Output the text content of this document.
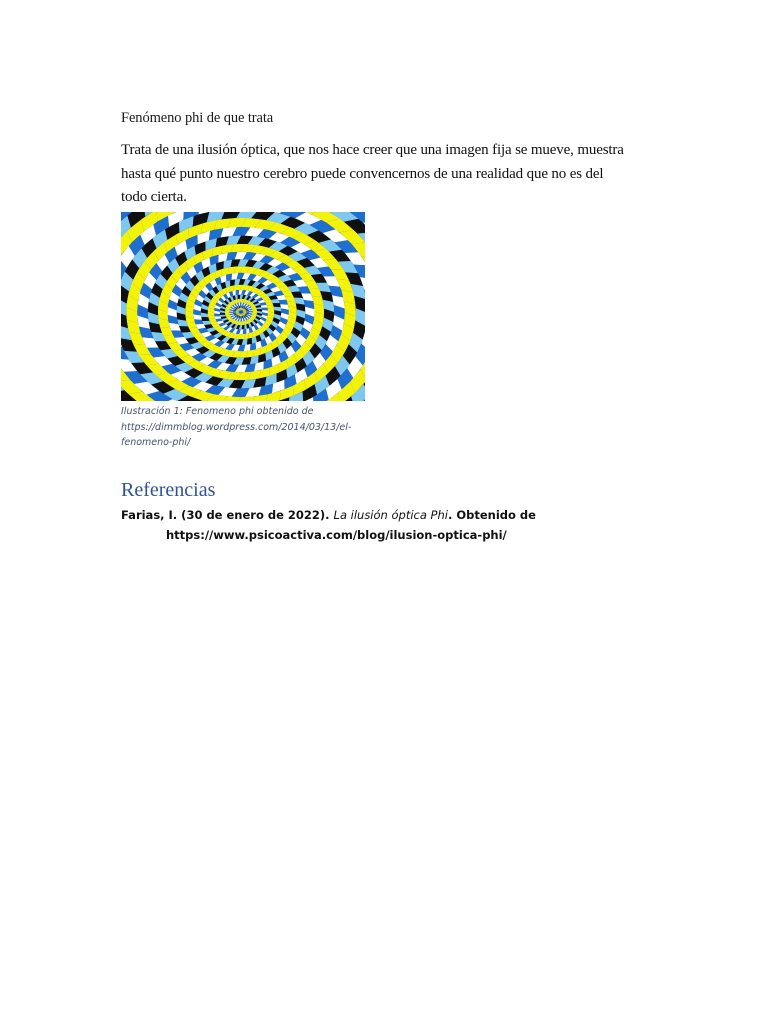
Fenómeno phi de que trata
Trata de una ilusión óptica, que nos hace creer que una imagen fija se mueve, muestra hasta qué punto nuestro cerebro puede convencernos de una realidad que no es del todo cierta.
Ilustración 1: Fenomeno phi obtenido de https://dimmblog.wordpress.com/2014/03/13/el-fenomeno-phi/
Referencias
Farias, I. (30 de enero de 2022). La ilusión óptica Phi. Obtenido de https://www.psicoactiva.com/blog/ilusion-optica-phi/
